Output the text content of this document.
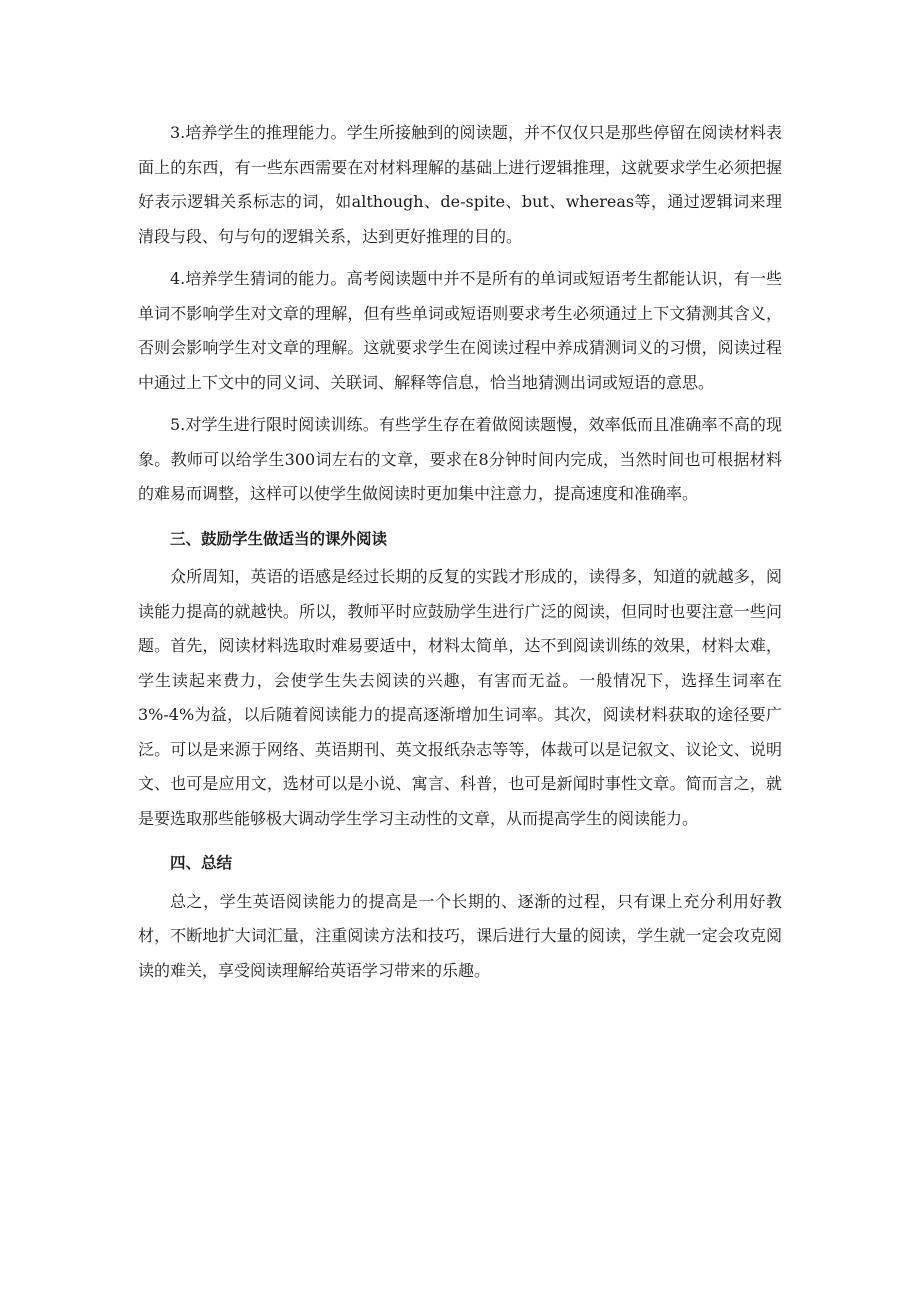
3.培养学生的推理能力。学生所接触到的阅读题，并不仅仅只是那些停留在阅读材料表面上的东西，有一些东西需要在对材料理解的基础上进行逻辑推理，这就要求学生必须把握好表示逻辑关系标志的词，如although、de-spite、but、whereas等，通过逻辑词来理清段与段、句与句的逻辑关系，达到更好推理的目的。

4.培养学生猜词的能力。高考阅读题中并不是所有的单词或短语考生都能认识，有一些单词不影响学生对文章的理解，但有些单词或短语则要求考生必须通过上下文猜测其含义，否则会影响学生对文章的理解。这就要求学生在阅读过程中养成猜测词义的习惯，阅读过程中通过上下文中的同义词、关联词、解释等信息，恰当地猜测出词或短语的意思。

5.对学生进行限时阅读训练。有些学生存在着做阅读题慢，效率低而且准确率不高的现象。教师可以给学生300词左右的文章，要求在8分钟时间内完成，当然时间也可根据材料的难易而调整，这样可以使学生做阅读时更加集中注意力，提高速度和准确率。

三、鼓励学生做适当的课外阅读

众所周知，英语的语感是经过长期的反复的实践才形成的，读得多，知道的就越多，阅读能力提高的就越快。所以，教师平时应鼓励学生进行广泛的阅读，但同时也要注意一些问题。首先，阅读材料选取时难易要适中，材料太简单，达不到阅读训练的效果，材料太难，学生读起来费力，会使学生失去阅读的兴趣，有害而无益。一般情况下，选择生词率在3%-4%为益，以后随着阅读能力的提高逐渐增加生词率。其次，阅读材料获取的途径要广泛。可以是来源于网络、英语期刊、英文报纸杂志等等，体裁可以是记叙文、议论文、说明文、也可是应用文，选材可以是小说、寓言、科普，也可是新闻时事性文章。简而言之，就是要选取那些能够极大调动学生学习主动性的文章，从而提高学生的阅读能力。

四、总结

总之，学生英语阅读能力的提高是一个长期的、逐渐的过程，只有课上充分利用好教材，不断地扩大词汇量，注重阅读方法和技巧，课后进行大量的阅读，学生就一定会攻克阅读的难关，享受阅读理解给英语学习带来的乐趣。
